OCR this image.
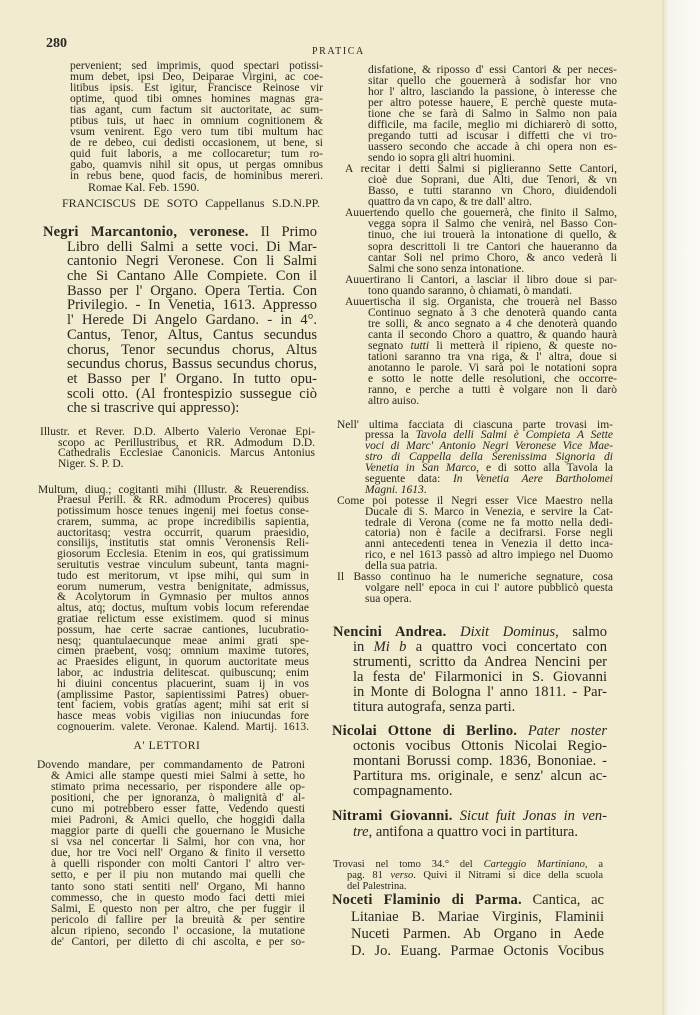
280
PRATICA
pervenient; sed imprimis, quod spectari potissi-
mum debet, ipsi Deo, Deiparae Virgini, ac coe-
litibus ipsis. Est igitur, Francisce Reinose vir
optime, quod tibi omnes homines magnas gra-
tias agant, cum factum sit auctoritate, ac sum-
ptibus tuis, ut haec in omnium cognitionem &
vsum venirent. Ego vero tum tibi multum hac
de re debeo, cui dedisti occasionem, ut bene, si
quid fuit laboris, a me collocaretur; tum ro-
gabo, quamvis nihil sit opus, ut pergas omnibus
in rebus bene, quod facis, de hominibus mereri.
Romae Kal. Feb. 1590.
FRANCISCUS DE SOTO Cappellanus S.D.N.PP.
Negri Marcantonio, veronese. Il Primo
Libro delli Salmi a sette voci. Di Mar-
cantonio Negri Veronese. Con li Salmi
che Si Cantano Alle Compiete. Con il
Basso per l' Organo. Opera Tertia. Con
Privilegio. - In Venetia, 1613. Appresso
l' Herede Di Angelo Gardano. - in 4°.
Cantus, Tenor, Altus, Cantus secundus
chorus, Tenor secundus chorus, Altus
secundus chorus, Bassus secundus chorus,
et Basso per l' Organo. In tutto opu-
scoli otto. (Al frontespizio sussegue ciò
che si trascrive qui appresso):
Illustr. et Rever. D.D. Alberto Valerio Veronae Epi-
scopo ac Perillustribus, et RR. Admodum D.D.
Cathedralis Ecclesiae Canonicis. Marcus Antonius
Niger. S. P. D.
Multum, diuq.; cogitanti mihi (Illustr. & Reuerendiss.
Praesul Perill. & RR. admodum Proceres) quibus
potissimum hosce tenues ingenij mei foetus conse-
crarem, summa, ac prope incredibilis sapientia,
auctoritasq; vestra occurrit, quarum praesidio,
consilijs, institutis stat omnis Veronensis Reli-
giosorum Ecclesia. Etenim in eos, qui gratissimum
seruitutis vestrae vinculum subeunt, tanta magni-
tudo est meritorum, vt ipse mihi, qui sum in
eorum numerum, vestra benignitate, admissus,
& Acolytorum in Gymnasio per multos annos
altus, atq; doctus, multum vobis locum referendae
gratiae relictum esse existimem. quod si minus
possum, hae certe sacrae cantiones, lucubratio-
nesq; quantulaecunque meae animi grati spe-
cimen praebent, vosq; omnium maxime tutores,
ac Praesides eligunt, in quorum auctoritate meus
labor, ac industria delitescat. quibuscunq; enim
hi diuini concentus placuerint, suam ij in vos
(amplissime Pastor, sapientissimi Patres) obuer-
tent faciem, vobis gratias agent; mihi sat erit si
hasce meas vobis vigilias non iniucundas fore
cognouerim. valete. Veronae. Kalend. Martij. 1613.
A' LETTORI
Dovendo mandare, per commandamento de Patroni
& Amici alle stampe questi miei Salmi à sette, ho
stimato prima necessario, per rispondere alle op-
positioni, che per ignoranza, ò malignità d' al-
cuno mi potrebbero esser fatte, Vedendo questi
miei Padroni, & Amici quello, che hoggidì dalla
maggior parte di quelli che gouernano le Musiche
si vsa nel concertar li Salmi, hor con vna, hor
due, hor tre Voci nell' Organo & finito il versetto
à quelli risponder con molti Cantori l' altro ver-
setto, e per il piu non mutando mai quelli che
tanto sono stati sentiti nell' Organo, Mi hanno
commesso, che in questo modo faci detti miei
Salmi, E questo non per altro, che per fuggir il
pericolo di fallire per la breuità & per sentire
alcun ripieno, secondo l' occasione, la mutatione
de' Cantori, per diletto di chi ascolta, e per so-
disfatione, & riposso d' essi Cantori & per neces-
sitar quello che gouernerà à sodisfar hor vno
hor l' altro, lasciando la passione, ò interesse che
per altro potesse hauere, E perchè queste muta-
tione che se farà di Salmo in Salmo non paia
difficile, ma facile, meglio mi dichiarerò di sotto,
pregando tutti ad iscusar i diffetti che vi tro-
uassero secondo che accade à chi opera non es-
sendo io sopra gli altri huomini.
A recitar i detti Salmi si piglieranno Sette Cantori,
cioè due Soprani, due Alti, due Tenori, & vn
Basso, e tutti staranno vn Choro, diuidendoli
quattro da vn capo, & tre dall' altro.
Auuertendo quello che gouernerà, che finito il Salmo,
vegga sopra il Salmo che venirà, nel Basso Con-
tinuo, che iui trouerà la intonatione di quello, &
sopra descrittoli li tre Cantori che haueranno da
cantar Soli nel primo Choro, & anco vederà li
Salmi che sono senza intonatione.
Auuertirano li Cantori, a lasciar il libro doue si par-
tono quando saranno, ò chiamati, ò mandati.
Auuertischa il sig. Organista, che trouerà nel Basso
Continuo segnato à 3 che denoterà quando canta
tre solli, & anco segnato a 4 che denoterà quando
canta il secondo Choro a quattro, & quando haurà
segnato tutti li metterà il ripieno, & queste no-
tationi saranno tra vna riga, & l' altra, doue si
anotanno le parole. Vi sarà poi le notationi sopra
e sotto le notte delle resolutioni, che occorre-
ranno, e perche a tutti è volgare non li darò
altro auiso.
Nell' ultima facciata di ciascuna parte trovasi im-
pressa la Tavola delli Salmi è Compieta A Sette
voci di Marc' Antonio Negri Veronese Vice Mae-
stro di Cappella della Serenissima Signoria di
Venetia in San Marco, e di sotto alla Tavola la
seguente data: In Venetia Aere Bartholomei
Magni. 1613.
Come poi potesse il Negri esser Vice Maestro nella
Ducale di S. Marco in Venezia, e servire la Cat-
tedrale di Verona (come ne fa motto nella dedi-
catoria) non è facile a decifrarsi. Forse negli
anni antecedenti tenea in Venezia il detto inca-
rico, e nel 1613 passò ad altro impiego nel Duomo
della sua patria.
Il Basso continuo ha le numeriche segnature, cosa
volgare nell' epoca in cui l' autore pubblicò questa
sua opera.
Nencini Andrea. Dixit Dominus, salmo
in Mi b a quattro voci concertato con
strumenti, scritto da Andrea Nencini per
la festa de' Filarmonici in S. Giovanni
in Monte di Bologna l' anno 1811. - Par-
titura autografa, senza parti.
Nicolai Ottone di Berlino. Pater noster
octonis vocibus Ottonis Nicolai Regio-
montani Borussi comp. 1836, Bononiae. -
Partitura ms. originale, e senz' alcun ac-
compagnamento.
Nitrami Giovanni. Sicut fuit Jonas in ven-
tre, antifona a quattro voci in partitura.
Trovasi nel tomo 34.° del Carteggio Martiniano, a
pag. 81 verso. Quivi il Nitrami si dice della scuola
del Palestrina.
Noceti Flaminio di Parma. Cantica, ac
Litaniae B. Mariae Virginis, Flaminii
Nuceti Parmen. Ab Organo in Aede
D. Jo. Euang. Parmae Octonis Vocibus
